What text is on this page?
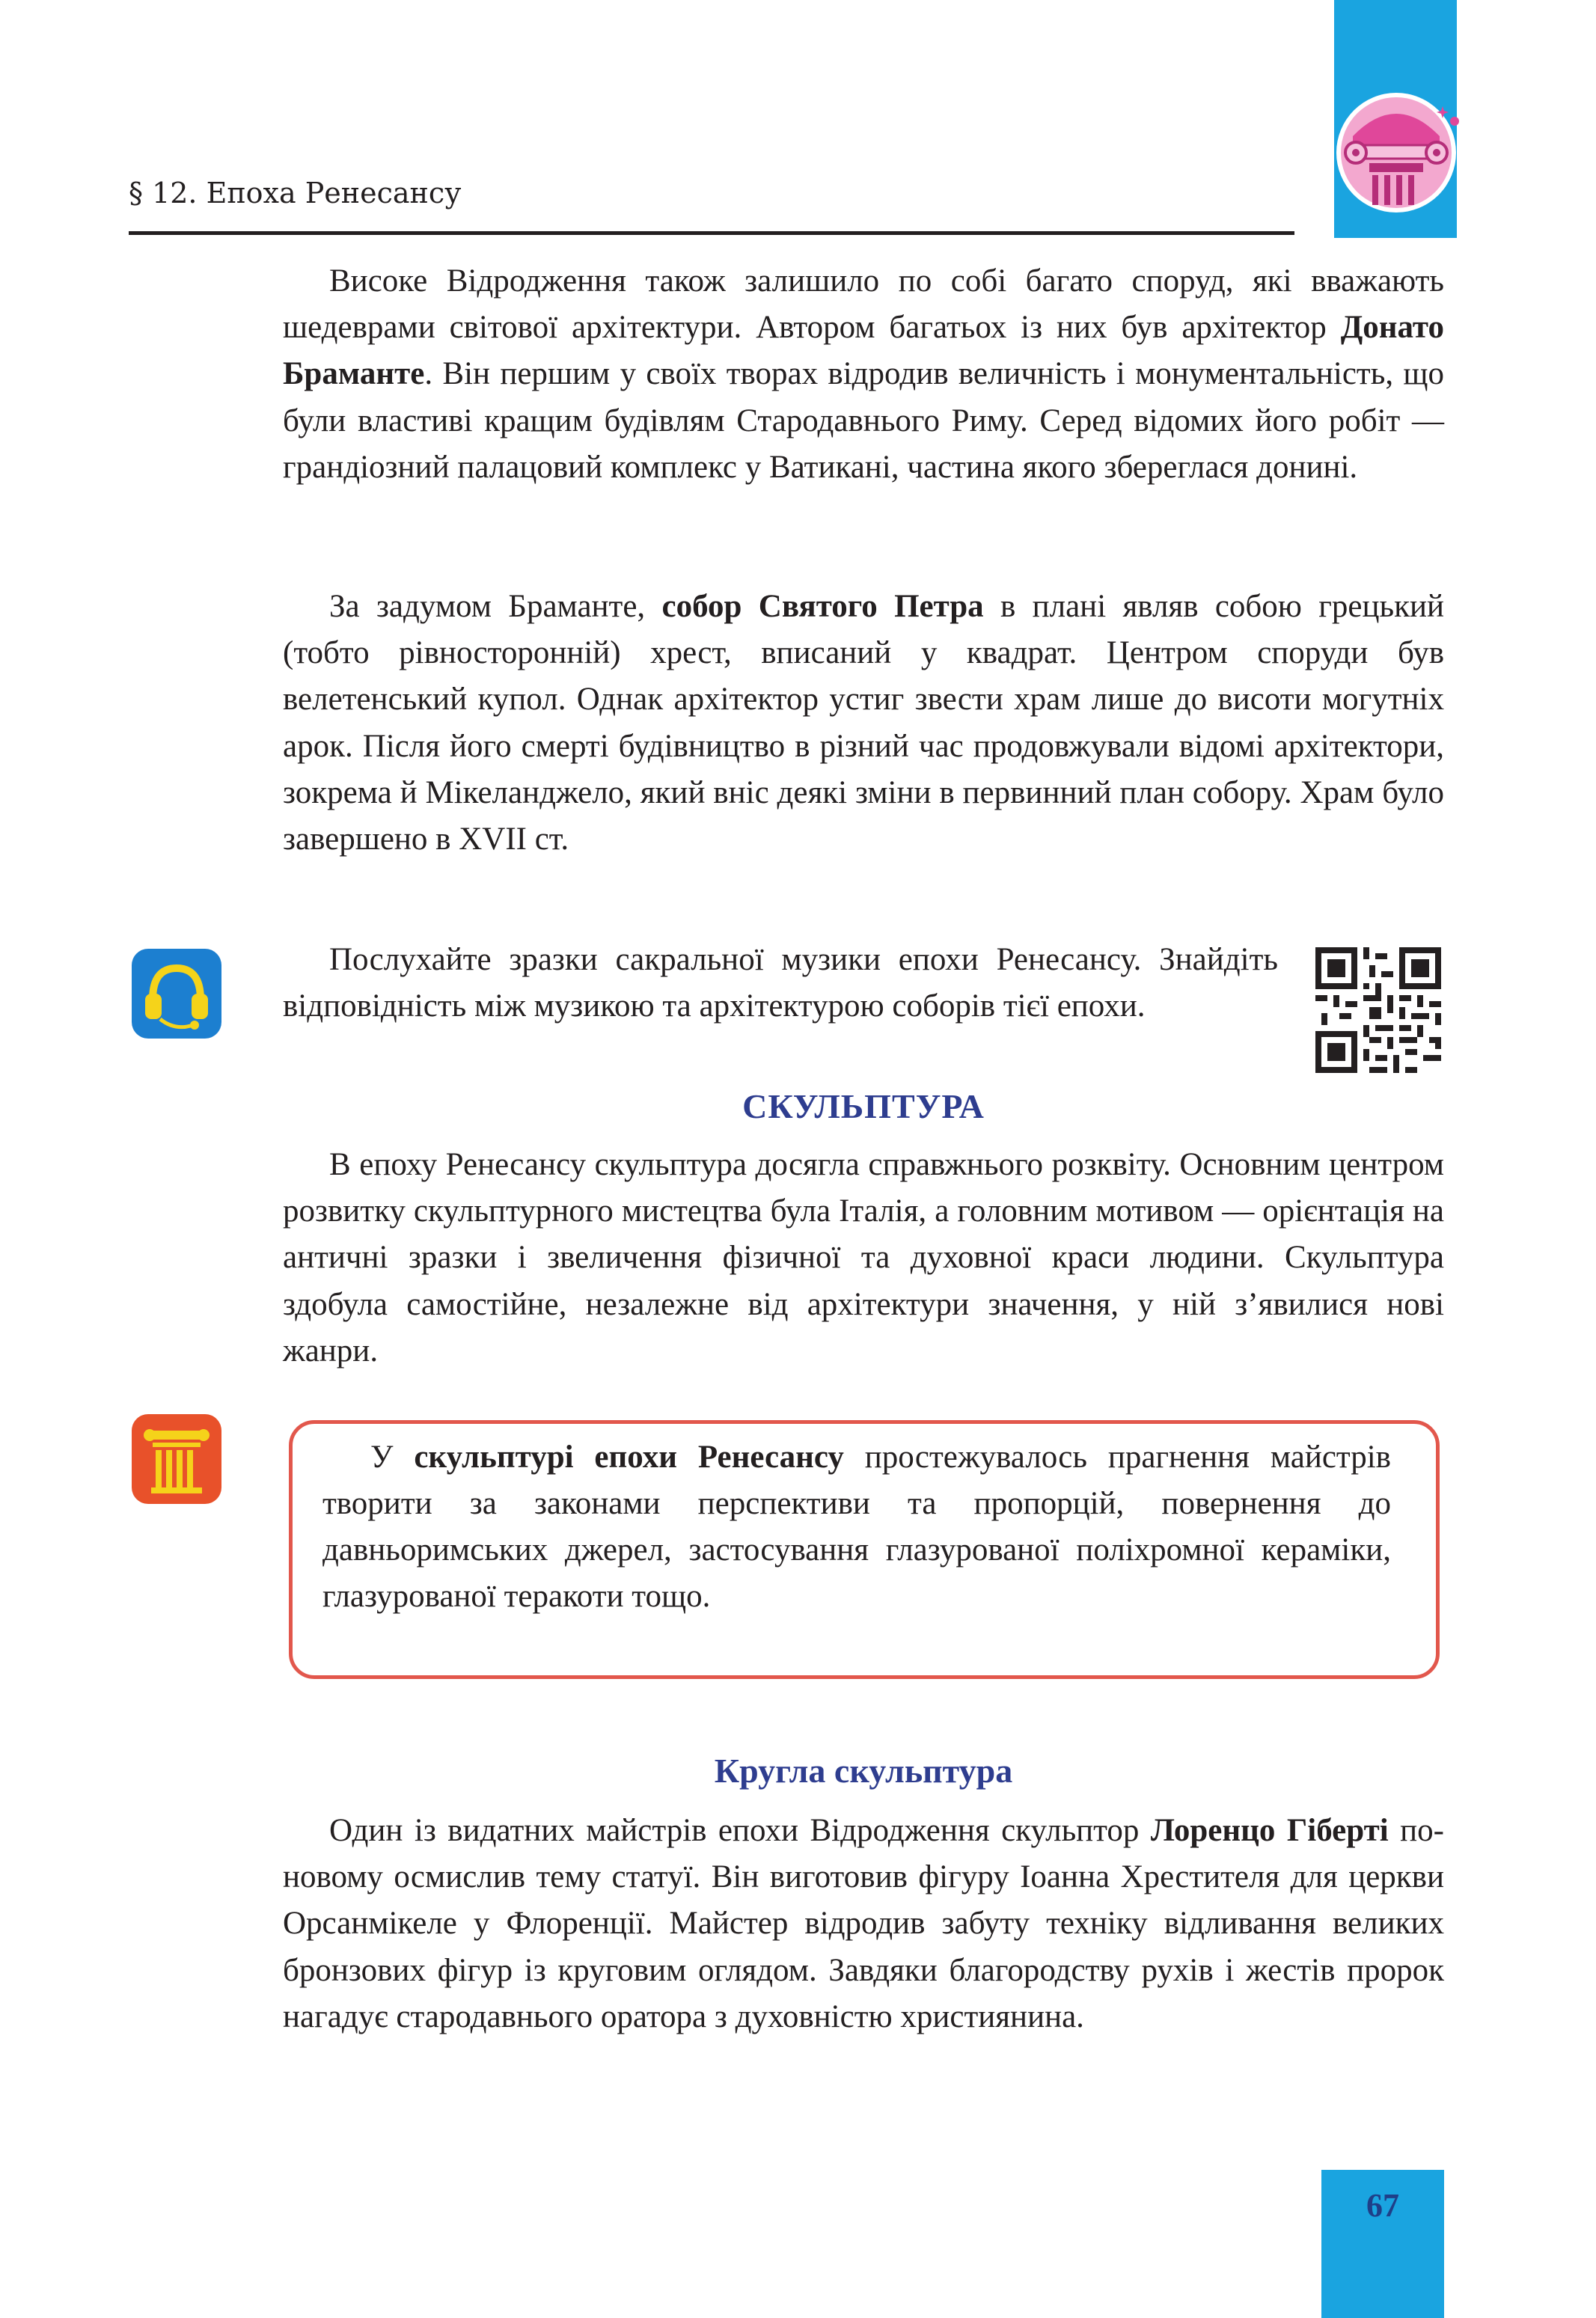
§ 12. Епоха Ренесансу

Високе Відродження також залишило по собі багато споруд, які вважають шедеврами світової архітектури. Автором багатьох із них був архітектор Донато Браманте. Він першим у своїх творах відродив величність і монументальність, що були властиві кращим будівлям Стародавнього Риму. Серед відомих його робіт — грандіозний палацовий комплекс у Ватикані, частина якого збереглася донині.

За задумом Браманте, собор Святого Петра в плані являв собою грецький (тобто рівносторонній) хрест, вписаний у квадрат. Центром споруди був велетенський купол. Однак архітектор устиг звести храм лише до висоти могутніх арок. Після його смерті будівництво в різний час продовжували відомі архітектори, зокрема й Мікеланджело, який вніс деякі зміни в первинний план собору. Храм було завершено в XVII ст.

Послухайте зразки сакральної музики епохи Ренесансу. Знайдіть відповідність між музикою та архітектурою соборів тієї епохи.

СКУЛЬПТУРА

В епоху Ренесансу скульптура досягла справжнього розквіту. Основним центром розвитку скульптурного мистецтва була Італія, а головним мотивом — орієнтація на античні зразки і звеличення фізичної та духовної краси людини. Скульптура здобула самостійне, незалежне від архітектури значення, у ній з’явилися нові жанри.

У скульптурі епохи Ренесансу простежувалось прагнення майстрів творити за законами перспективи та пропорцій, повернення до давньоримських джерел, застосування глазурованої поліхромної кераміки, глазурованої теракоти тощо.

Кругла скульптура

Один із видатних майстрів епохи Відродження скульптор Лоренцо Гіберті по-новому осмислив тему статуї. Він виготовив фігуру Іоанна Хрестителя для церкви Орсанмікеле у Флоренції. Майстер відродив забуту техніку відливання великих бронзових фігур із круговим оглядом. Завдяки благородству рухів і жестів пророк нагадує стародавнього оратора з духовністю християнина.

67
